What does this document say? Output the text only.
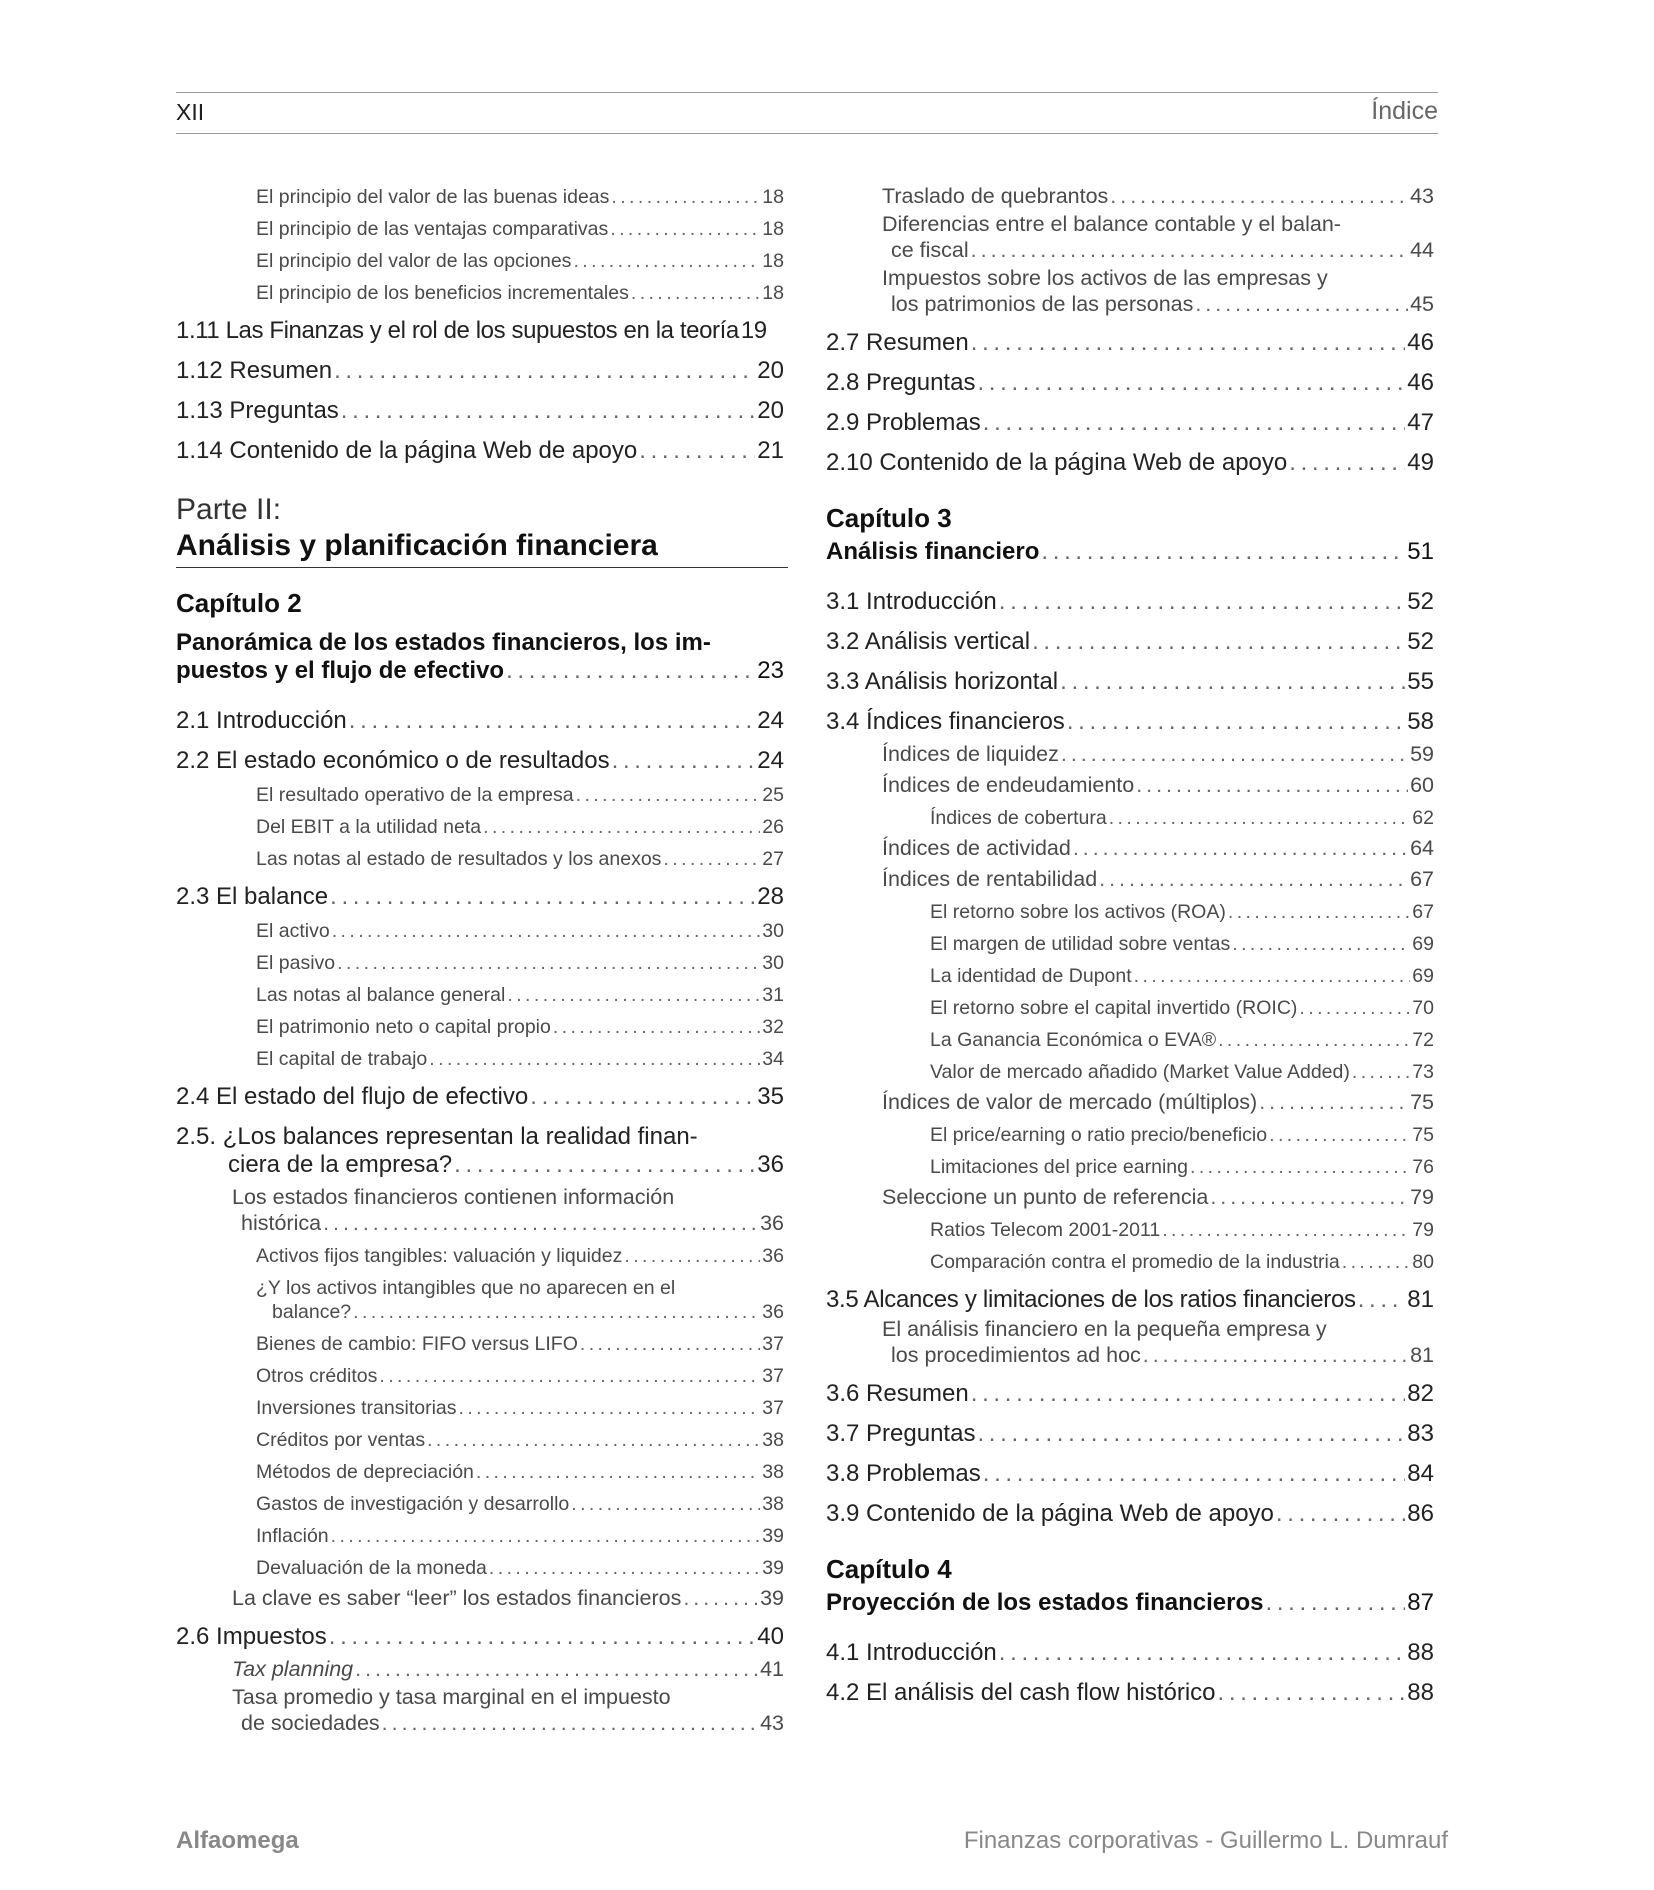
XII	Índice
El principio del valor de las buenas ideas . . .	18
El principio de las ventajas comparativas . . .	18
El principio del valor de las opciones . . .	18
El principio de los beneficios incrementales . . .	18
1.11 Las Finanzas y el rol de los supuestos en la teoría 19
1.12 Resumen . . .	20
1.13 Preguntas . . .	20
1.14 Contenido de la página Web de apoyo . . .	21
Parte II:
Análisis y planificación financiera
Capítulo 2
Panorámica de los estados financieros, los im-
puestos y el flujo de efectivo . . .	23
2.1 Introducción . . .	24
2.2 El estado económico o de resultados . . .	24
El resultado operativo de la empresa . . .	25
Del EBIT a la utilidad neta . . .	26
Las notas al estado de resultados y los anexos . . .	27
2.3 El balance . . .	28
El activo . . .	30
El pasivo . . .	30
Las notas al balance general . . .	31
El patrimonio neto o capital propio . . .	32
El capital de trabajo . . .	34
2.4 El estado del flujo de efectivo . . .	35
2.5. ¿Los balances representan la realidad finan-
ciera de la empresa? . . .	36
Los estados financieros contienen información
histórica . . .	36
Activos fijos tangibles: valuación y liquidez . . .	36
¿Y los activos intangibles que no aparecen en el
balance? . . .	36
Bienes de cambio: FIFO versus LIFO . . .	37
Otros créditos . . .	37
Inversiones transitorias . . .	37
Créditos por ventas . . .	38
Métodos de depreciación . . .	38
Gastos de investigación y desarrollo . . .	38
Inflación . . .	39
Devaluación de la moneda . . .	39
La clave es saber “leer” los estados financieros . . .	39
2.6 Impuestos . . .	40
Tax planning . . .	41
Tasa promedio y tasa marginal en el impuesto
de sociedades . . .	43
Traslado de quebrantos . . .	43
Diferencias entre el balance contable y el balan-
ce fiscal . . .	44
Impuestos sobre los activos de las empresas y
los patrimonios de las personas . . .	45
2.7 Resumen . . .	46
2.8 Preguntas . . .	46
2.9 Problemas . . .	47
2.10 Contenido de la página Web de apoyo . . .	49
Capítulo 3
Análisis financiero . . .	51
3.1 Introducción . . .	52
3.2 Análisis vertical . . .	52
3.3 Análisis horizontal . . .	55
3.4 Índices financieros . . .	58
Índices de liquidez . . .	59
Índices de endeudamiento . . .	60
Índices de cobertura . . .	62
Índices de actividad . . .	64
Índices de rentabilidad . . .	67
El retorno sobre los activos (ROA) . . .	67
El margen de utilidad sobre ventas . . .	69
La identidad de Dupont . . .	69
El retorno sobre el capital invertido (ROIC) . . .	70
La Ganancia Económica o EVA® . . .	72
Valor de mercado añadido (Market Value Added) . . .	73
Índices de valor de mercado (múltiplos) . . .	75
El price/earning o ratio precio/beneficio . . .	75
Limitaciones del price earning . . .	76
Seleccione un punto de referencia . . .	79
Ratios Telecom 2001-2011 . . .	79
Comparación contra el promedio de la industria . . .	80
3.5 Alcances y limitaciones de los ratios financieros . . . 81
El análisis financiero en la pequeña empresa y
los procedimientos ad hoc . . .	81
3.6 Resumen . . .	82
3.7 Preguntas . . .	83
3.8 Problemas . . .	84
3.9 Contenido de la página Web de apoyo . . .	86
Capítulo 4
Proyección de los estados financieros . . .	87
4.1 Introducción . . .	88
4.2 El análisis del cash flow histórico . . .	88
Alfaomega	Finanzas corporativas - Guillermo L. Dumrauf
